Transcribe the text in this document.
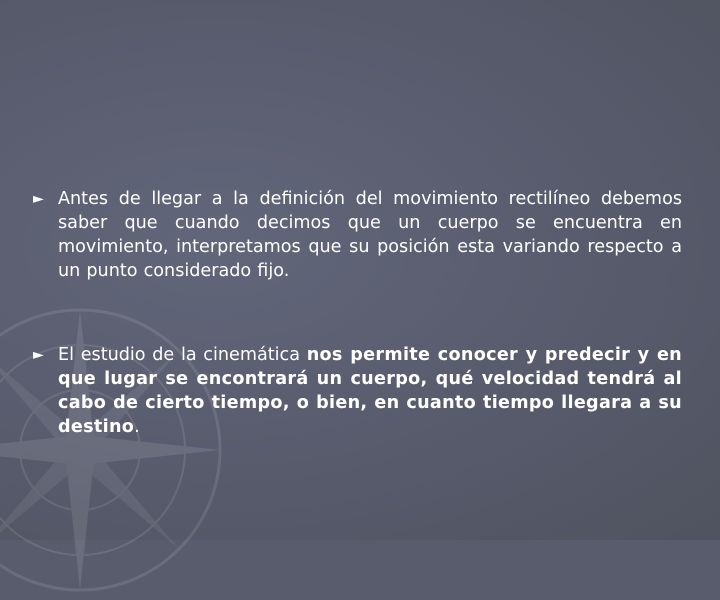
► Antes de llegar a la definición del movimiento rectilíneo debemos saber que cuando decimos que un cuerpo se encuentra en movimiento, interpretamos que su posición esta variando respecto a un punto considerado fijo.

► El estudio de la cinemática nos permite conocer y predecir y en que lugar se encontrará un cuerpo, qué velocidad tendrá al cabo de cierto tiempo, o bien, en cuanto tiempo llegara a su destino.
